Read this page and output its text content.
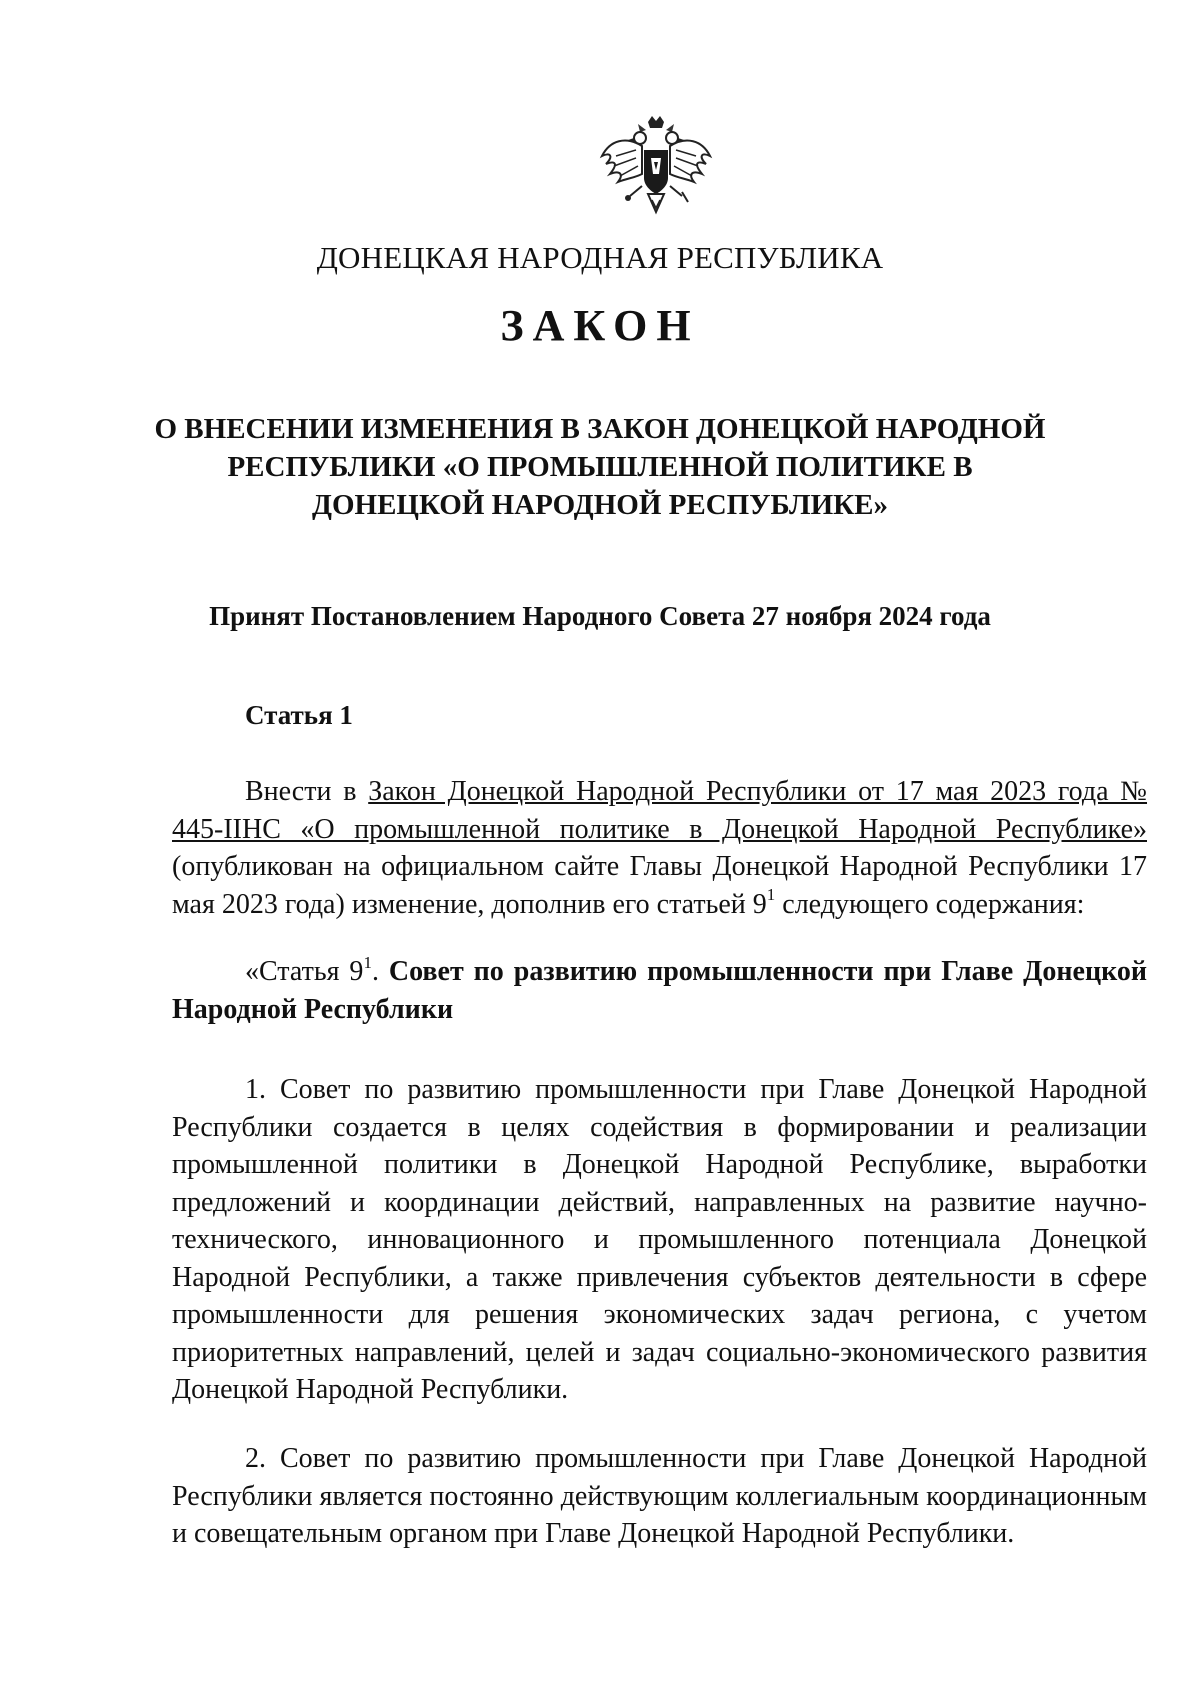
ДОНЕЦКАЯ НАРОДНАЯ РЕСПУБЛИКА
ЗАКОН
О ВНЕСЕНИИ ИЗМЕНЕНИЯ В ЗАКОН ДОНЕЦКОЙ НАРОДНОЙ РЕСПУБЛИКИ «О ПРОМЫШЛЕННОЙ ПОЛИТИКЕ В ДОНЕЦКОЙ НАРОДНОЙ РЕСПУБЛИКЕ»
Принят Постановлением Народного Совета 27 ноября 2024 года
Статья 1
Внести в Закон Донецкой Народной Республики от 17 мая 2023 года № 445-IIНС «О промышленной политике в Донецкой Народной Республике» (опубликован на официальном сайте Главы Донецкой Народной Республики 17 мая 2023 года) изменение, дополнив его статьей $9^1$ следующего содержания:
«Статья $9^1$. Совет по развитию промышленности при Главе Донецкой Народной Республики
1. Совет по развитию промышленности при Главе Донецкой Народной Республики создается в целях содействия в формировании и реализации промышленной политики в Донецкой Народной Республике, выработки предложений и координации действий, направленных на развитие научно-технического, инновационного и промышленного потенциала Донецкой Народной Республики, а также привлечения субъектов деятельности в сфере промышленности для решения экономических задач региона, с учетом приоритетных направлений, целей и задач социально-экономического развития Донецкой Народной Республики.
2. Совет по развитию промышленности при Главе Донецкой Народной Республики является постоянно действующим коллегиальным координационным и совещательным органом при Главе Донецкой Народной Республики.
